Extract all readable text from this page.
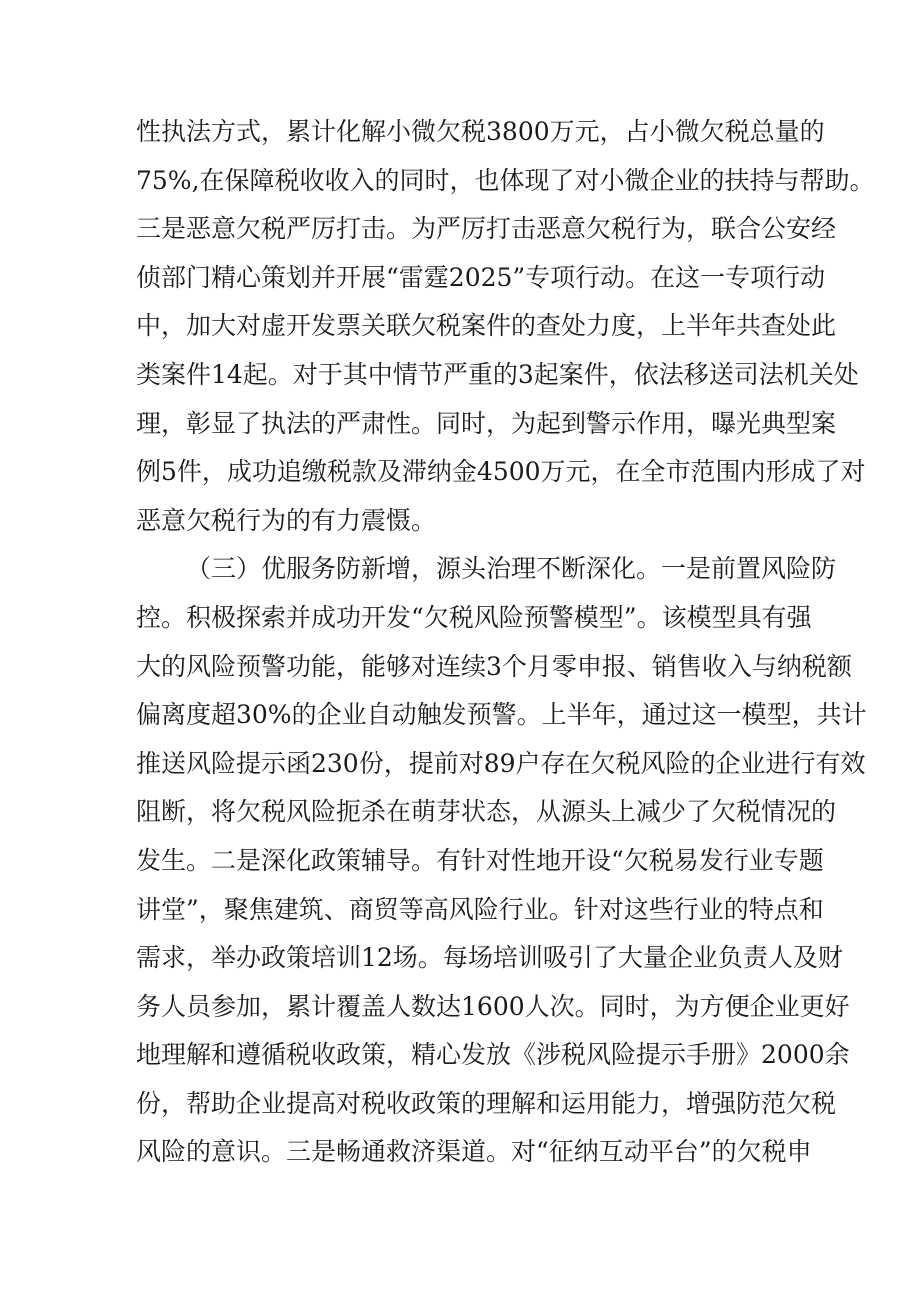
性执法方式，累计化解小微欠税3800万元，占小微欠税总量的
75%,在保障税收收入的同时，也体现了对小微企业的扶持与帮助。
三是恶意欠税严厉打击。为严厉打击恶意欠税行为，联合公安经
侦部门精心策划并开展“雷霆2025”专项行动。在这一专项行动
中，加大对虚开发票关联欠税案件的查处力度，上半年共查处此
类案件14起。对于其中情节严重的3起案件，依法移送司法机关处
理，彰显了执法的严肃性。同时，为起到警示作用，曝光典型案
例5件，成功追缴税款及滞纳金4500万元，在全市范围内形成了对
恶意欠税行为的有力震慑。
（三）优服务防新增，源头治理不断深化。一是前置风险防
控。积极探索并成功开发“欠税风险预警模型”。该模型具有强
大的风险预警功能，能够对连续3个月零申报、销售收入与纳税额
偏离度超30%的企业自动触发预警。上半年，通过这一模型，共计
推送风险提示函230份，提前对89户存在欠税风险的企业进行有效
阻断，将欠税风险扼杀在萌芽状态，从源头上减少了欠税情况的
发生。二是深化政策辅导。有针对性地开设“欠税易发行业专题
讲堂”，聚焦建筑、商贸等高风险行业。针对这些行业的特点和
需求，举办政策培训12场。每场培训吸引了大量企业负责人及财
务人员参加，累计覆盖人数达1600人次。同时，为方便企业更好
地理解和遵循税收政策，精心发放《涉税风险提示手册》2000余
份，帮助企业提高对税收政策的理解和运用能力，增强防范欠税
风险的意识。三是畅通救济渠道。对“征纳互动平台”的欠税申
